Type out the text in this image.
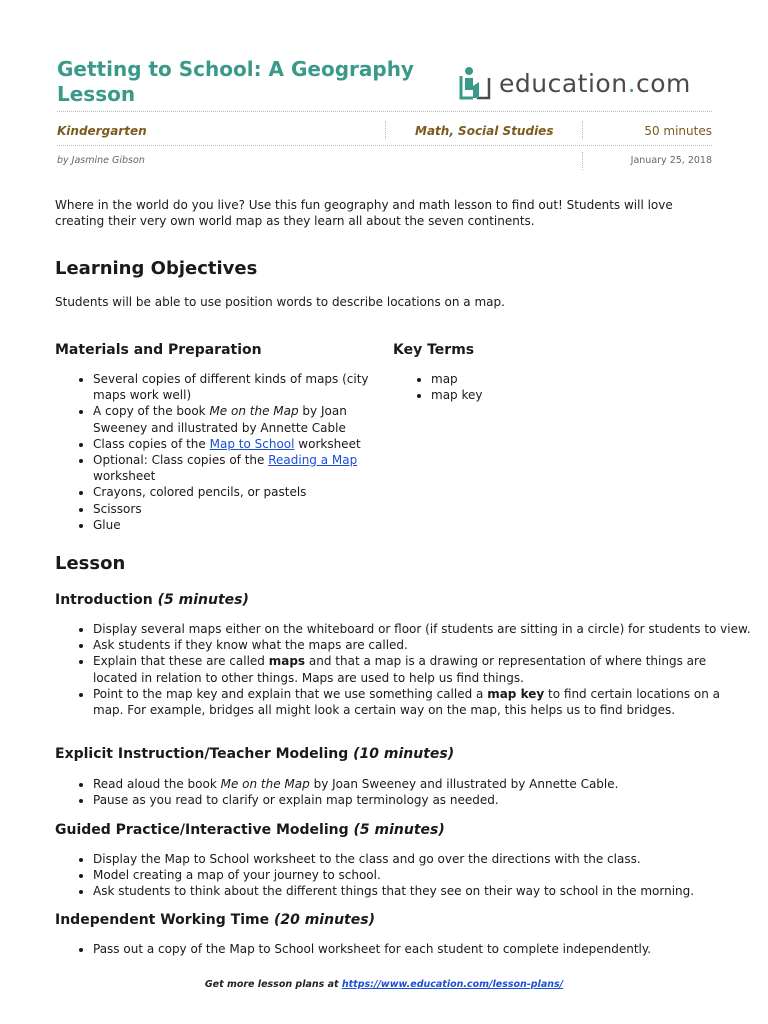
Getting to School: A Geography Lesson	education.com
Kindergarten	Math, Social Studies	50 minutes
by Jasmine Gibson	January 25, 2018

Where in the world do you live? Use this fun geography and math lesson to find out! Students will love creating their very own world map as they learn all about the seven continents.

Learning Objectives

Students will be able to use position words to describe locations on a map.

Materials and Preparation
• Several copies of different kinds of maps (city maps work well)
• A copy of the book Me on the Map by Joan Sweeney and illustrated by Annette Cable
• Class copies of the Map to School worksheet
• Optional: Class copies of the Reading a Map worksheet
• Crayons, colored pencils, or pastels
• Scissors
• Glue
Key Terms
• map
• map key
Lesson
Introduction (5 minutes)
• Display several maps either on the whiteboard or floor (if students are sitting in a circle) for students to view.
• Ask students if they know what the maps are called.
• Explain that these are called maps and that a map is a drawing or representation of where things are located in relation to other things. Maps are used to help us find things.
• Point to the map key and explain that we use something called a map key to find certain locations on a map. For example, bridges all might look a certain way on the map, this helps us to find bridges.
Explicit Instruction/Teacher Modeling (10 minutes)
• Read aloud the book Me on the Map by Joan Sweeney and illustrated by Annette Cable.
• Pause as you read to clarify or explain map terminology as needed.
Guided Practice/Interactive Modeling (5 minutes)
• Display the Map to School worksheet to the class and go over the directions with the class.
• Model creating a map of your journey to school.
• Ask students to think about the different things that they see on their way to school in the morning.
Independent Working Time (20 minutes)
• Pass out a copy of the Map to School worksheet for each student to complete independently.
Get more lesson plans at https://www.education.com/lesson-plans/
